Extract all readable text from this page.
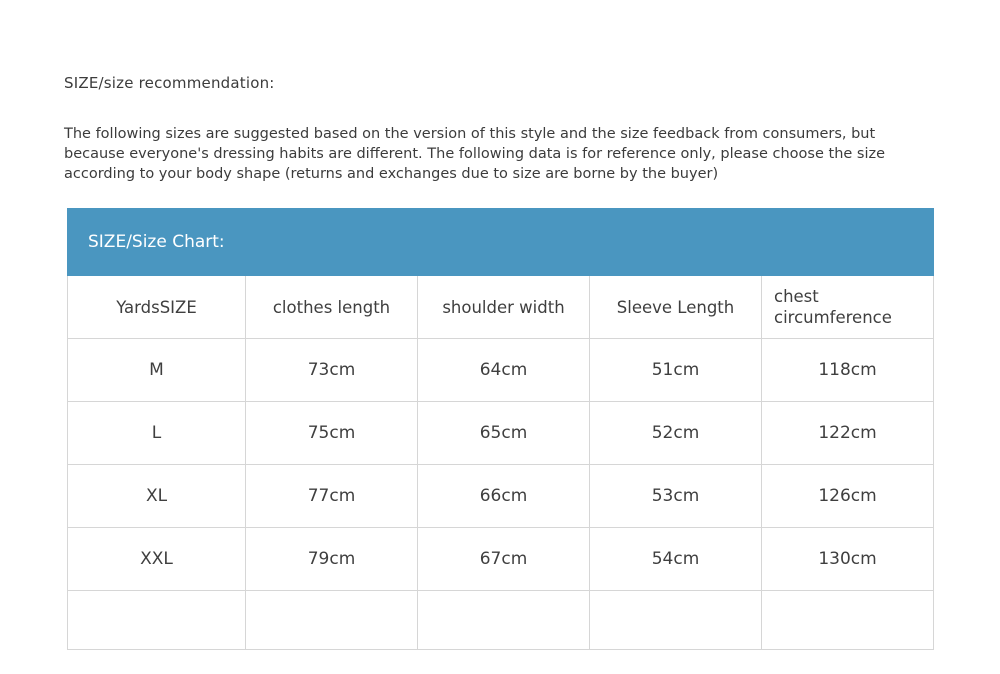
SIZE/size recommendation:

The following sizes are suggested based on the version of this style and the size feedback from consumers, but because everyone's dressing habits are different. The following data is for reference only, please choose the size according to your body shape (returns and exchanges due to size are borne by the buyer)

SIZE/Size Chart:				
YardsSIZE	clothes length	shoulder width	Sleeve Length	chest circumference
M	73cm	64cm	51cm	118cm
L	75cm	65cm	52cm	122cm
XL	77cm	66cm	53cm	126cm
XXL	79cm	67cm	54cm	130cm
